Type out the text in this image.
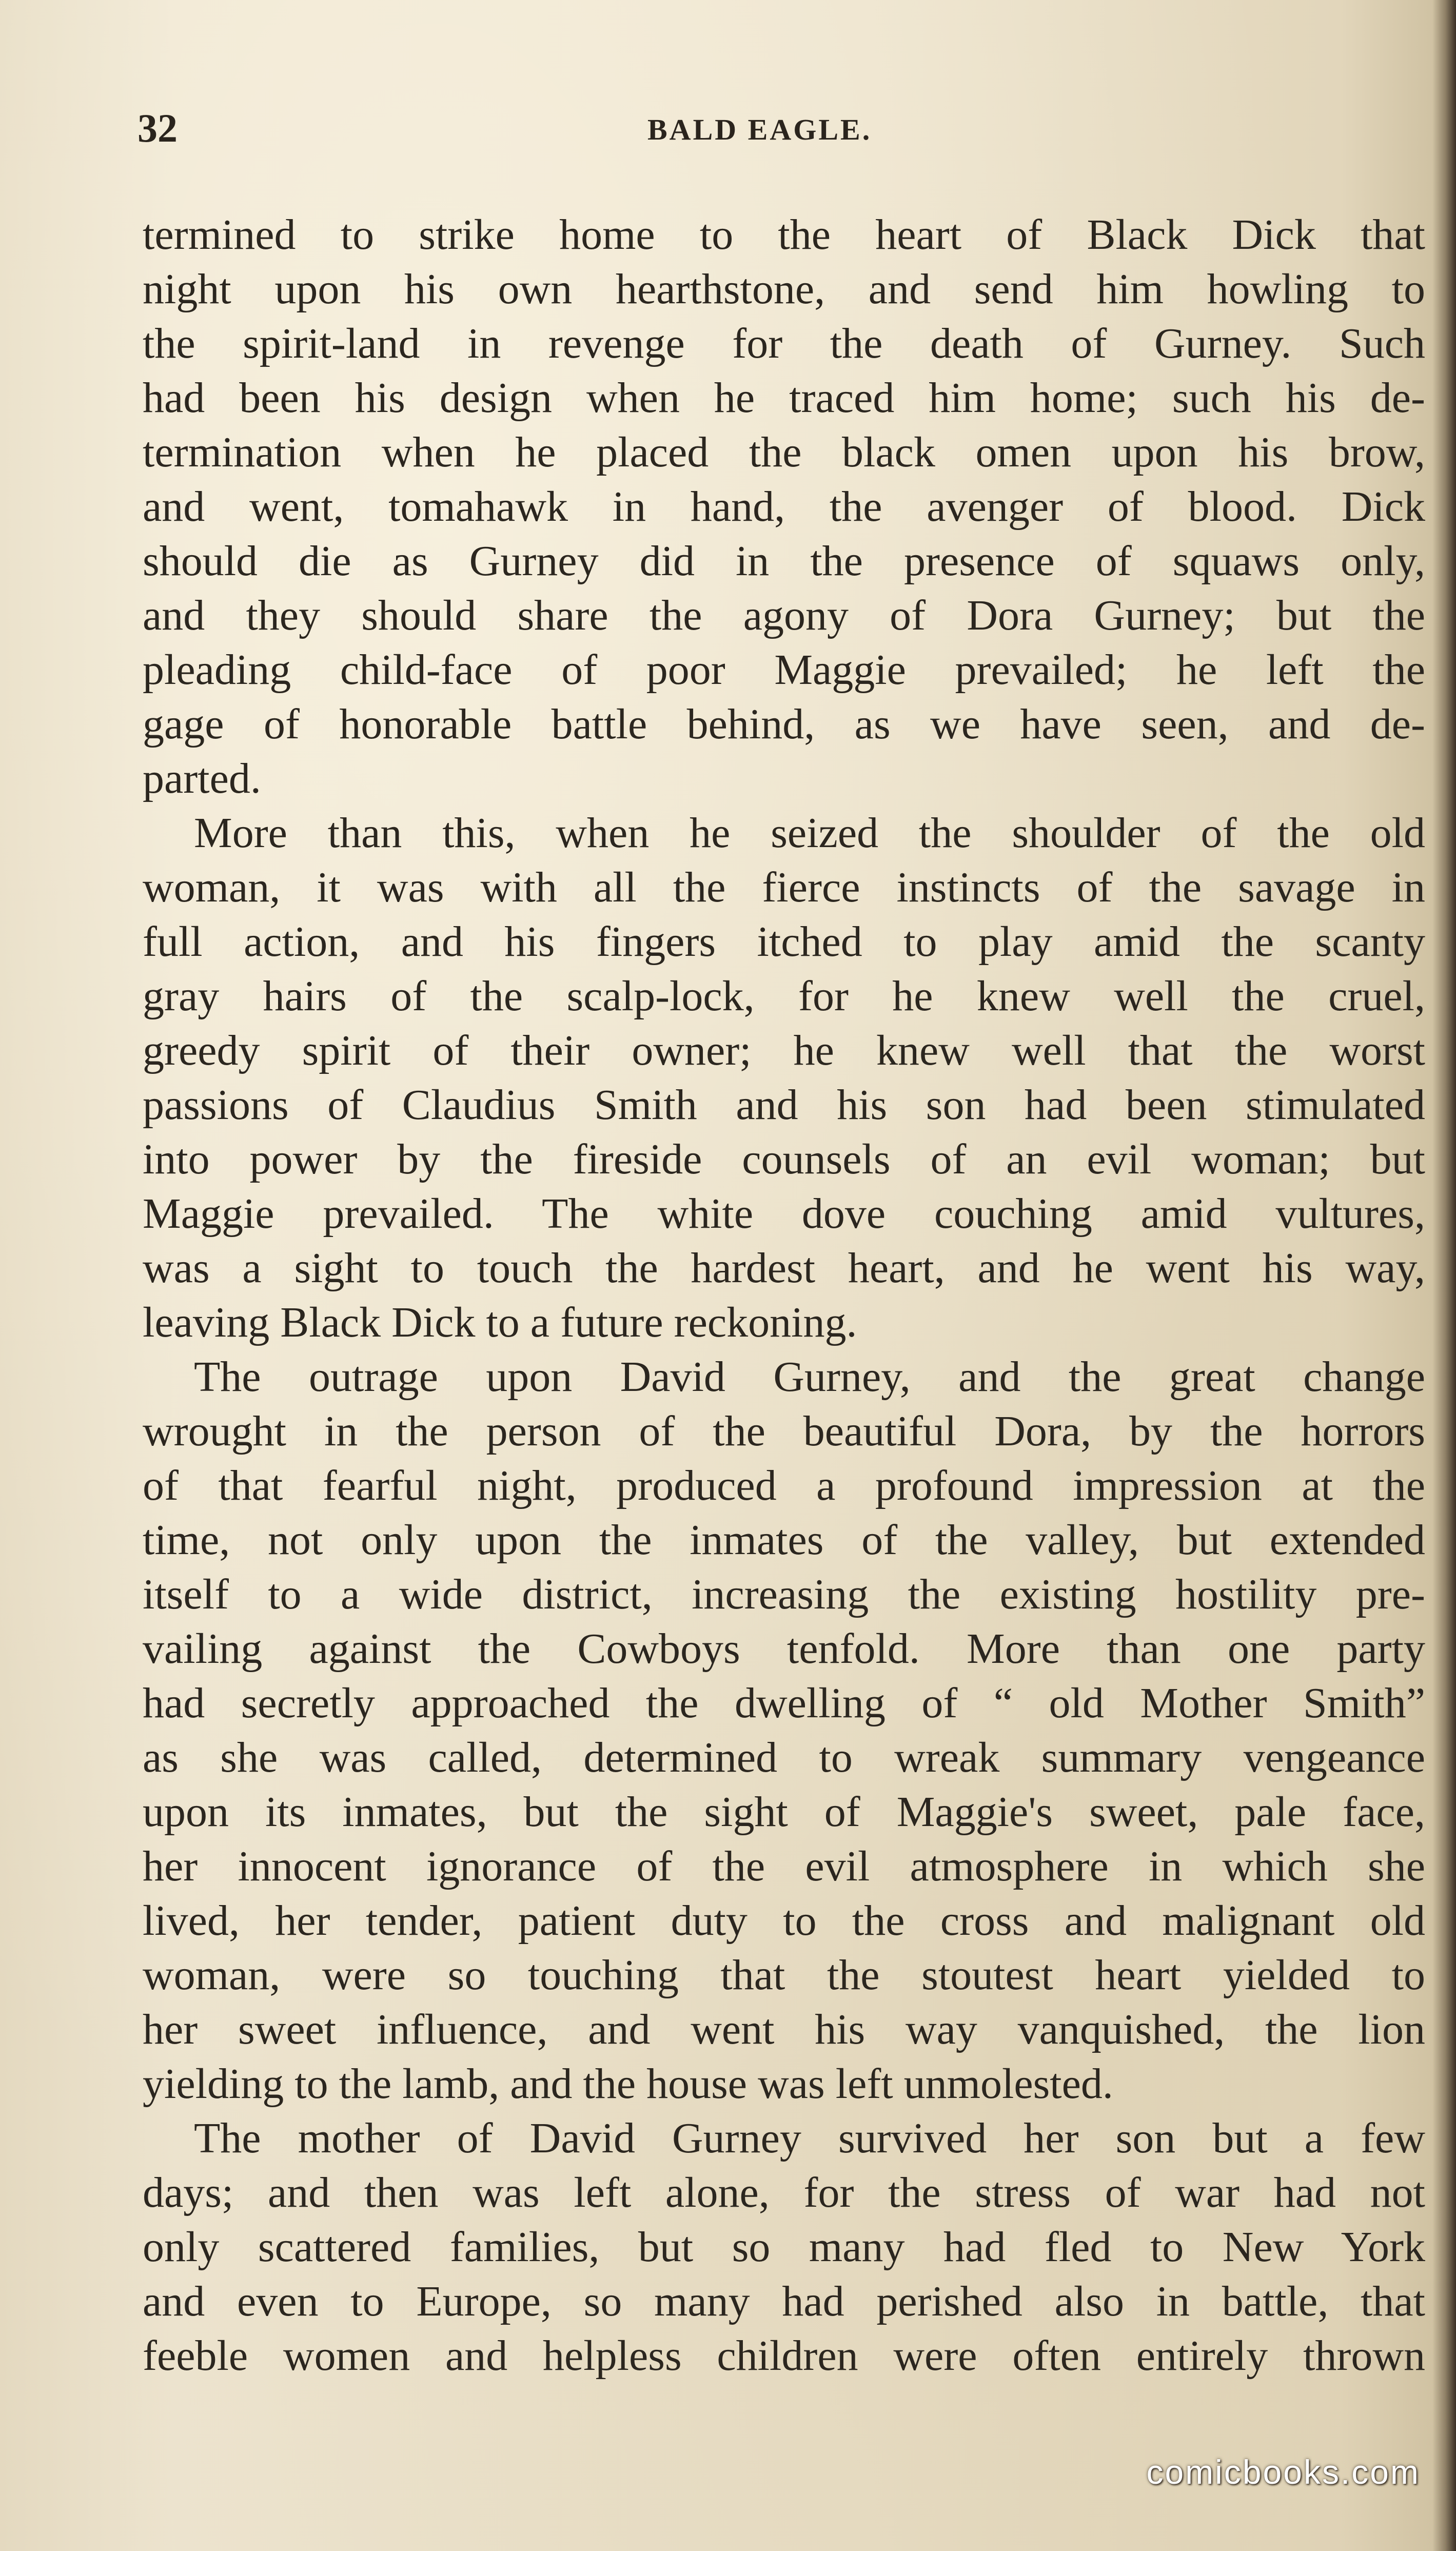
32	BALD EAGLE.
termined to strike home to the heart of Black Dick that
night upon his own hearthstone, and send him howling to
the spirit-land in revenge for the death of Gurney. Such
had been his design when he traced him home; such his de-
termination when he placed the black omen upon his brow,
and went, tomahawk in hand, the avenger of blood. Dick
should die as Gurney did in the presence of squaws only,
and they should share the agony of Dora Gurney; but the
pleading child-face of poor Maggie prevailed; he left the
gage of honorable battle behind, as we have seen, and de-
parted.
More than this, when he seized the shoulder of the old
woman, it was with all the fierce instincts of the savage in
full action, and his fingers itched to play amid the scanty
gray hairs of the scalp-lock, for he knew well the cruel,
greedy spirit of their owner; he knew well that the worst
passions of Claudius Smith and his son had been stimulated
into power by the fireside counsels of an evil woman; but
Maggie prevailed. The white dove couching amid vultures,
was a sight to touch the hardest heart, and he went his way,
leaving Black Dick to a future reckoning.
The outrage upon David Gurney, and the great change
wrought in the person of the beautiful Dora, by the horrors
of that fearful night, produced a profound impression at the
time, not only upon the inmates of the valley, but extended
itself to a wide district, increasing the existing hostility pre-
vailing against the Cowboys tenfold. More than one party
had secretly approached the dwelling of “ old Mother Smith”
as she was called, determined to wreak summary vengeance
upon its inmates, but the sight of Maggie's sweet, pale face,
her innocent ignorance of the evil atmosphere in which she
lived, her tender, patient duty to the cross and malignant old
woman, were so touching that the stoutest heart yielded to
her sweet influence, and went his way vanquished, the lion
yielding to the lamb, and the house was left unmolested.
The mother of David Gurney survived her son but a few
days; and then was left alone, for the stress of war had not
only scattered families, but so many had fled to New York
and even to Europe, so many had perished also in battle, that
feeble women and helpless children were often entirely thrown
comicbooks.com
